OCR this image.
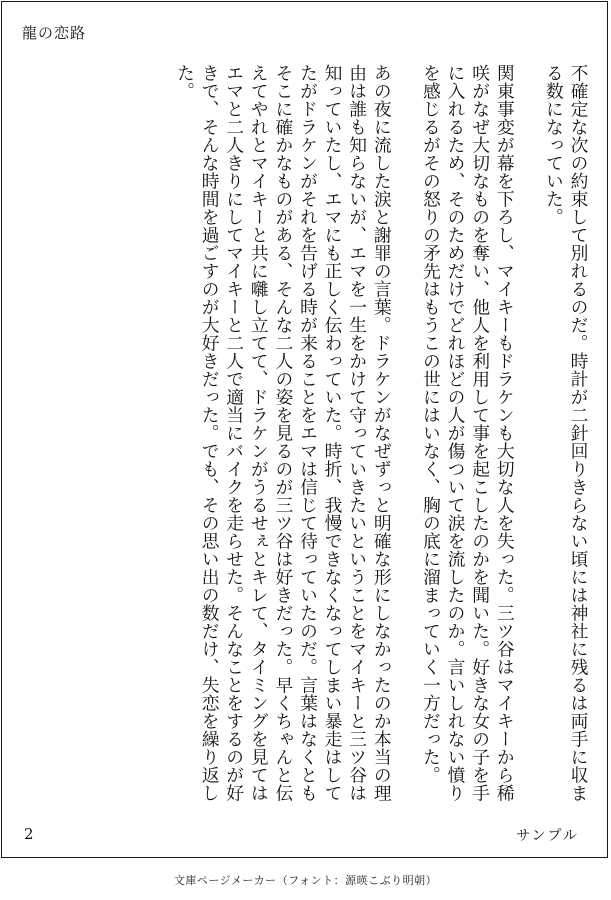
龍の恋路

不確定な次の約束して別れるのだ。時計が二針回りきらない頃には神社に残るは両手に収まる数になっていた。

関東事変が幕を下ろし、マイキーもドラケンも大切な人を失った。三ツ谷はマイキーから稀咲がなぜ大切なものを奪い、他人を利用して事を起こしたのかを聞いた。好きな女の子を手に入れるため、そのためだけでどれほどの人が傷ついて涙を流したのか。言いしれない憤りを感じるがその怒りの矛先はもうこの世にはいなく、胸の底に溜まっていく一方だった。

あの夜に流した涙と謝罪の言葉。ドラケンがなぜずっと明確な形にしなかったのか本当の理由は誰も知らないが、エマを一生をかけて守っていきたいということをマイキーと三ツ谷は知っていたし、エマにも正しく伝わっていた。時折、我慢できなくなってしまい暴走はしてたがドラケンがそれを告げる時が来ることをエマは信じて待っていたのだ。言葉はなくともそこに確かなものがある、そんな二人の姿を見るのが三ツ谷は好きだった。早くちゃんと伝えてやれとマイキーと共に囃し立てて、ドラケンがうるせぇとキレて、タイミングを見てはエマと二人きりにしてマイキーと二人で適当にバイクを走らせた。そんなことをするのが好きで、そんな時間を過ごすのが大好きだった。でも、その思い出の数だけ、失恋を繰り返した。

2	サンプル
文庫ページメーカー（フォント：源暎こぶり明朝）
